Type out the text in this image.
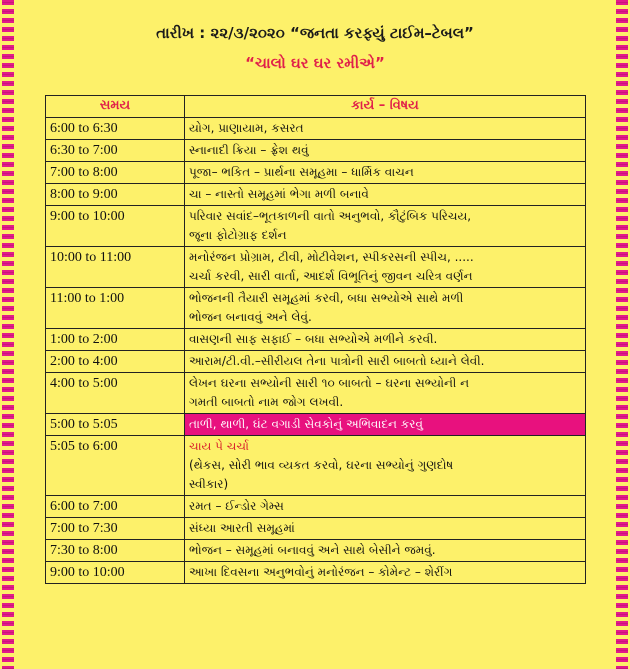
તારીખ : ૨૨/૩/૨૦૨૦ “જનતા કરફ્યું ટાઈમ–ટેબલ”
“ચાલો ઘર ઘર રમીએ”
સમય	કાર્ય – વિષય
6:00 to 6:30	યોગ, પ્રાણાયામ, કસરત

6:30 to 7:00	સ્નાનાદી ક્રિયા – ફ્રેશ થવું

7:00 to 8:00	પૂજા– ભકિત – પ્રાર્થના સમૂહમા – ધાર્મિક વાચન

8:00 to 9:00	ચા – નાસ્તો સમૂહમાં ભેગા મળી બનાવે

9:00 to 10:00	પરિવાર સવાંદ–ભૂતકાળની વાતો અનુભવો, કૌટુંબિક પરિચય,
જૂના ફોટોગ્રાફ દર્શન

10:00 to 11:00	મનોરંજન પ્રોગ્રામ, ટીવી, મોટીવેશન, સ્પીકરસની સ્પીચ, .....
ચર્ચા કરવી, સારી વાર્તા, આદર્શ વિભૂતિનું જીવન ચરિત્ર વર્ણન

11:00 to 1:00	ભોજનની તૈયારી સમૂહમાં કરવી, બધા સભ્યોએ સાથે મળી
ભોજન બનાવવું અને લેવું.

1:00 to 2:00	વાસણની સાફ સફાઈ – બધા સભ્યોએ મળીને કરવી.

2:00 to 4:00	આરામ/ટી.વી.–સીરીયલ તેના પાત્રોની સારી બાબતો ધ્યાને લેવી.

4:00 to 5:00	લેખન ઘરના સભ્યોની સારી ૧૦ બાબતો – ઘરના સભ્યોની ન
ગમતી બાબતો નામ જોગ લખવી.

5:00 to 5:05	તાળી, થાળી, ઘંટ વગાડી સેવકોનું અભિવાદન કરવું

5:05 to 6:00	ચાય પે ચર્ચા
(થેકસ, સોરી ભાવ વ્યકત કરવો, ઘરના સભ્યોનું ગુણદોષ
સ્વીકાર)

6:00 to 7:00	રમત – ઈન્ડોર ગેમ્સ

7:00 to 7:30	સંધ્યા આરતી સમૂહમાં

7:30 to 8:00	ભોજન – સમૂહમાં બનાવવું અને સાથે બેસીને જમવું.

9:00 to 10:00	આખા દિવસના અનુભવોનું મનોરંજન – કોમેન્ટ – શેરીંગ
